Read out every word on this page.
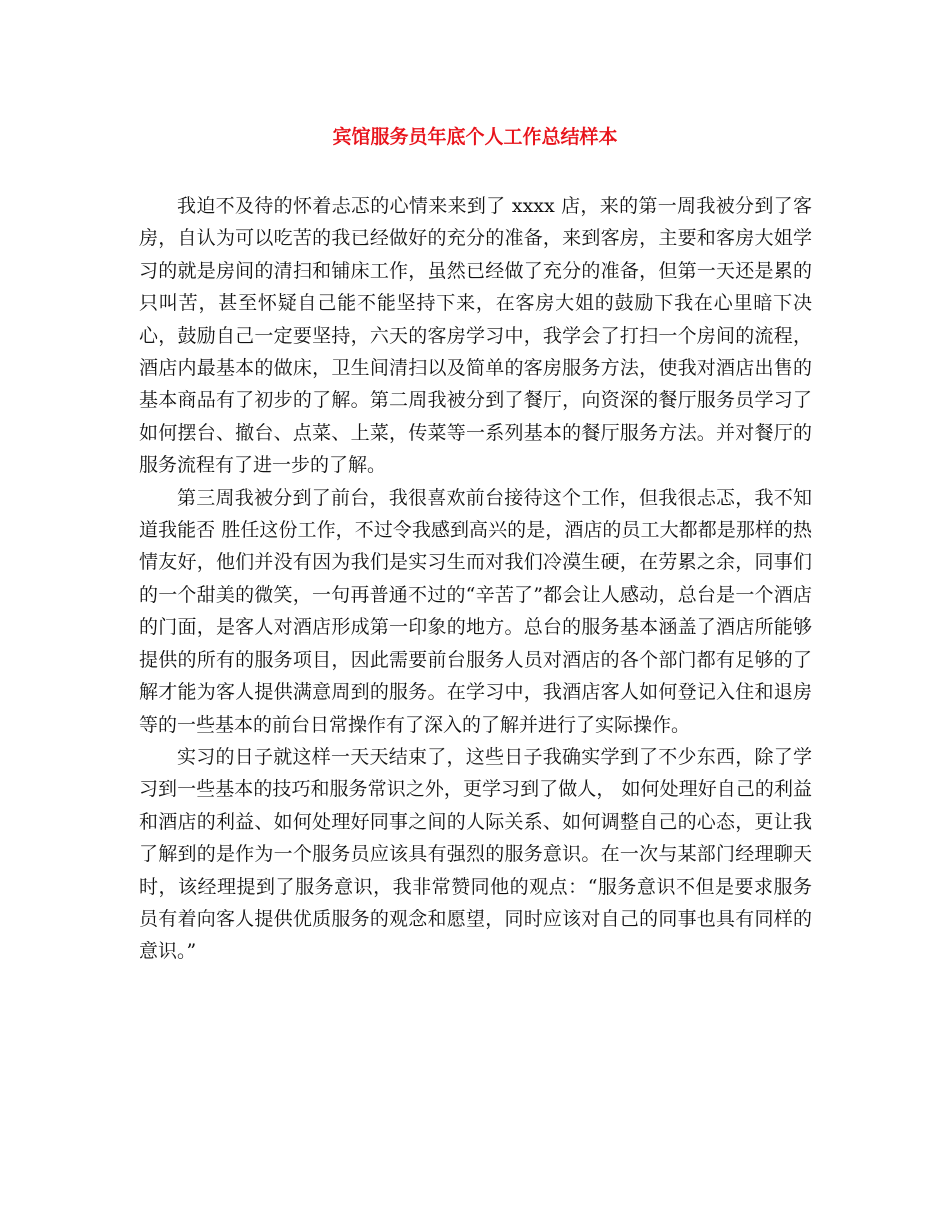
宾馆服务员年底个人工作总结样本

我迫不及待的怀着忐忑的心情来来到了 xxxx 店，来的第一周我被分到了客房，自认为可以吃苦的我已经做好的充分的准备，来到客房，主要和客房大姐学习的就是房间的清扫和铺床工作，虽然已经做了充分的准备，但第一天还是累的只叫苦，甚至怀疑自己能不能坚持下来，在客房大姐的鼓励下我在心里暗下决心，鼓励自己一定要坚持，六天的客房学习中，我学会了打扫一个房间的流程，酒店内最基本的做床，卫生间清扫以及简单的客房服务方法，使我对酒店出售的基本商品有了初步的了解。第二周我被分到了餐厅，向资深的餐厅服务员学习了如何摆台、撤台、点菜、上菜，传菜等一系列基本的餐厅服务方法。并对餐厅的服务流程有了进一步的了解。

第三周我被分到了前台，我很喜欢前台接待这个工作，但我很忐忑，我不知道我能否 胜任这份工作，不过令我感到高兴的是，酒店的员工大都都是那样的热情友好，他们并没有因为我们是实习生而对我们冷漠生硬，在劳累之余，同事们的一个甜美的微笑，一句再普通不过的“辛苦了”都会让人感动，总台是一个酒店的门面，是客人对酒店形成第一印象的地方。总台的服务基本涵盖了酒店所能够提供的所有的服务项目，因此需要前台服务人员对酒店的各个部门都有足够的了解才能为客人提供满意周到的服务。在学习中，我酒店客人如何登记入住和退房等的一些基本的前台日常操作有了深入的了解并进行了实际操作。

实习的日子就这样一天天结束了，这些日子我确实学到了不少东西，除了学习到一些基本的技巧和服务常识之外，更学习到了做人， 如何处理好自己的利益和酒店的利益、如何处理好同事之间的人际关系、如何调整自己的心态，更让我了解到的是作为一个服务员应该具有强烈的服务意识。在一次与某部门经理聊天时，该经理提到了服务意识，我非常赞同他的观点：“服务意识不但是要求服务员有着向客人提供优质服务的观念和愿望，同时应该对自己的同事也具有同样的意识。”
